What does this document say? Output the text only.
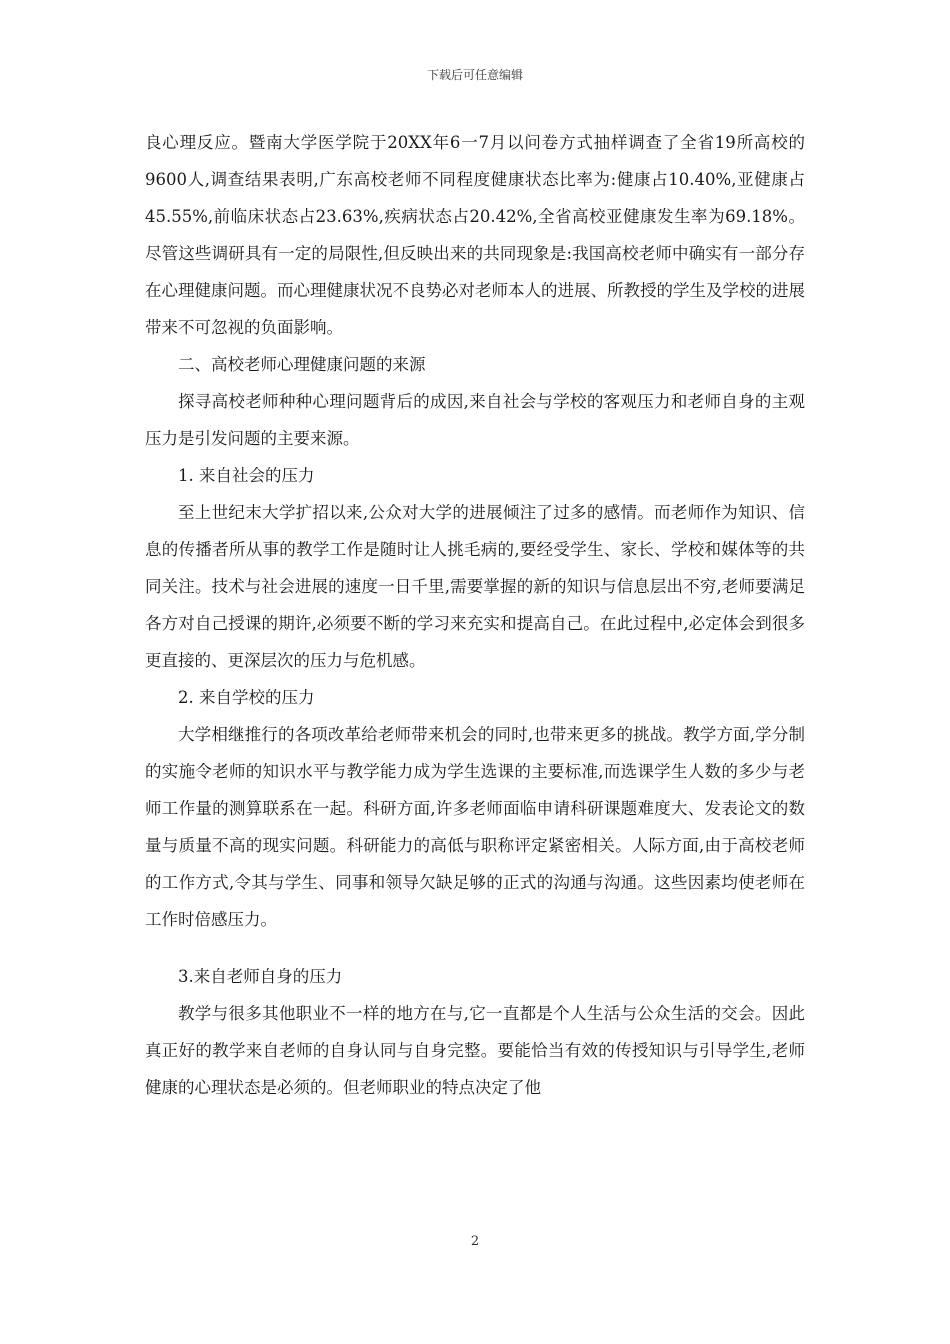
下载后可任意编辑

良心理反应。暨南大学医学院于20XX年6一7月以问卷方式抽样调查了全省19所高校的9600人,调查结果表明,广东高校老师不同程度健康状态比率为:健康占10.40%,亚健康占45.55%,前临床状态占23.63%,疾病状态占20.42%,全省高校亚健康发生率为69.18%。尽管这些调研具有一定的局限性,但反映出来的共同现象是:我国高校老师中确实有一部分存在心理健康问题。而心理健康状况不良势必对老师本人的进展、所教授的学生及学校的进展带来不可忽视的负面影响。

二、高校老师心理健康问题的来源

探寻高校老师种种心理问题背后的成因,来自社会与学校的客观压力和老师自身的主观压力是引发问题的主要来源。

1. 来自社会的压力

至上世纪末大学扩招以来,公众对大学的进展倾注了过多的感情。而老师作为知识、信息的传播者所从事的教学工作是随时让人挑毛病的,要经受学生、家长、学校和媒体等的共同关注。技术与社会进展的速度一日千里,需要掌握的新的知识与信息层出不穷,老师要满足各方对自己授课的期许,必须要不断的学习来充实和提高自己。在此过程中,必定体会到很多更直接的、更深层次的压力与危机感。

2. 来自学校的压力

大学相继推行的各项改革给老师带来机会的同时,也带来更多的挑战。教学方面,学分制的实施令老师的知识水平与教学能力成为学生选课的主要标准,而选课学生人数的多少与老师工作量的测算联系在一起。科研方面,许多老师面临申请科研课题难度大、发表论文的数量与质量不高的现实问题。科研能力的高低与职称评定紧密相关。人际方面,由于高校老师的工作方式,令其与学生、同事和领导欠缺足够的正式的沟通与沟通。这些因素均使老师在工作时倍感压力。

3.来自老师自身的压力

教学与很多其他职业不一样的地方在与,它一直都是个人生活与公众生活的交会。因此真正好的教学来自老师的自身认同与自身完整。要能恰当有效的传授知识与引导学生,老师健康的心理状态是必须的。但老师职业的特点决定了他

2
